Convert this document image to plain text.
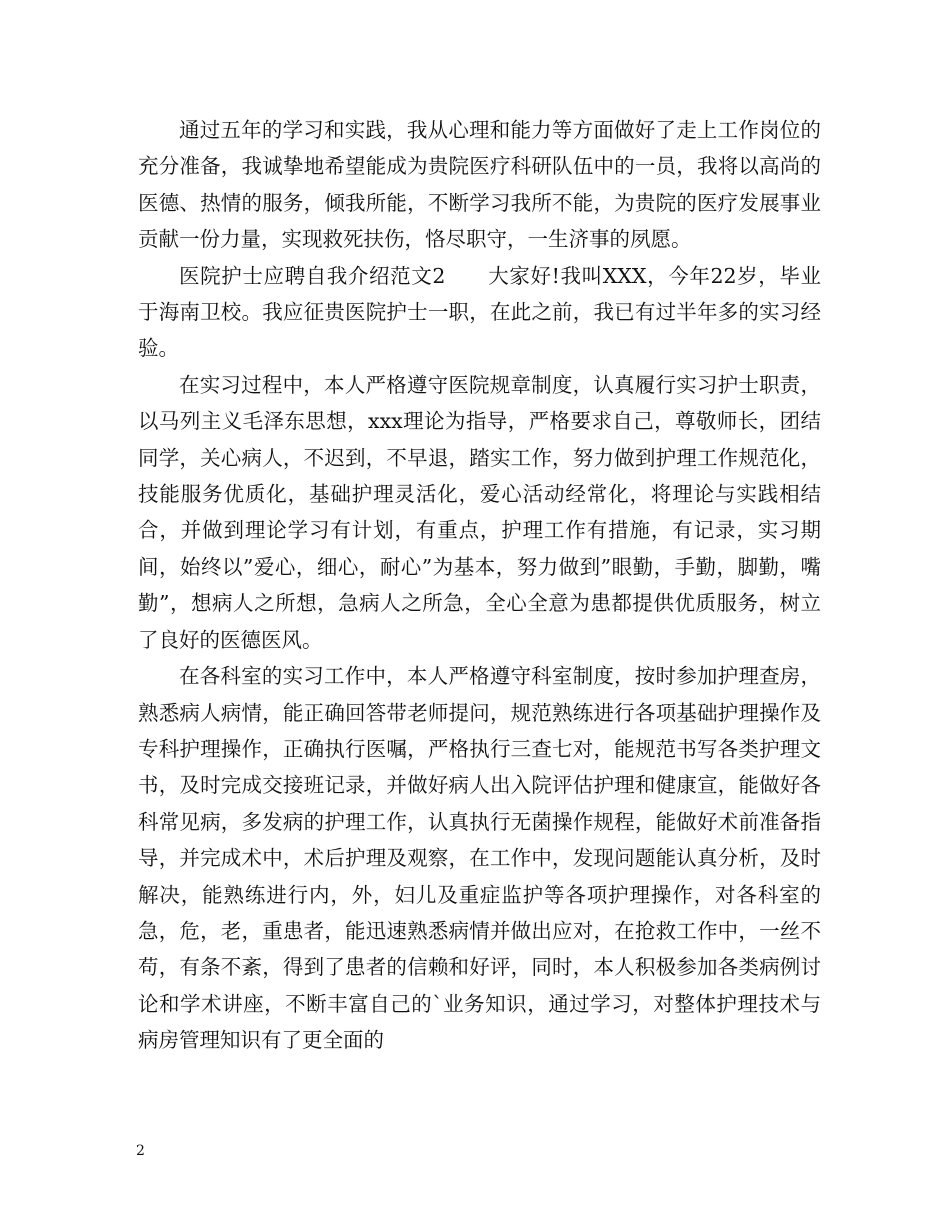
通过五年的学习和实践，我从心理和能力等方面做好了走上工作岗位的充分准备，我诚挚地希望能成为贵院医疗科研队伍中的一员，我将以高尚的医德、热情的服务，倾我所能，不断学习我所不能，为贵院的医疗发展事业贡献一份力量，实现救死扶伤，恪尽职守，一生济事的夙愿。

医院护士应聘自我介绍范文2　　大家好!我叫XXX，今年22岁，毕业于海南卫校。我应征贵医院护士一职，在此之前，我已有过半年多的实习经验。

在实习过程中，本人严格遵守医院规章制度，认真履行实习护士职责，以马列主义毛泽东思想，xxx理论为指导，严格要求自己，尊敬师长，团结同学，关心病人，不迟到，不早退，踏实工作，努力做到护理工作规范化，技能服务优质化，基础护理灵活化，爱心活动经常化，将理论与实践相结合，并做到理论学习有计划，有重点，护理工作有措施，有记录，实习期间，始终以”爱心，细心，耐心”为基本，努力做到”眼勤，手勤，脚勤，嘴勤”，想病人之所想，急病人之所急，全心全意为患都提供优质服务，树立了良好的医德医风。

在各科室的实习工作中，本人严格遵守科室制度，按时参加护理查房，熟悉病人病情，能正确回答带老师提问，规范熟练进行各项基础护理操作及专科护理操作，正确执行医嘱，严格执行三查七对，能规范书写各类护理文书，及时完成交接班记录，并做好病人出入院评估护理和健康宣，能做好各科常见病，多发病的护理工作，认真执行无菌操作规程，能做好术前准备指导，并完成术中，术后护理及观察，在工作中，发现问题能认真分析，及时解决，能熟练进行内，外，妇儿及重症监护等各项护理操作，对各科室的急，危，老，重患者，能迅速熟悉病情并做出应对，在抢救工作中，一丝不苟，有条不紊，得到了患者的信赖和好评，同时，本人积极参加各类病例讨论和学术讲座，不断丰富自己的`业务知识，通过学习，对整体护理技术与病房管理知识有了更全面的

2
